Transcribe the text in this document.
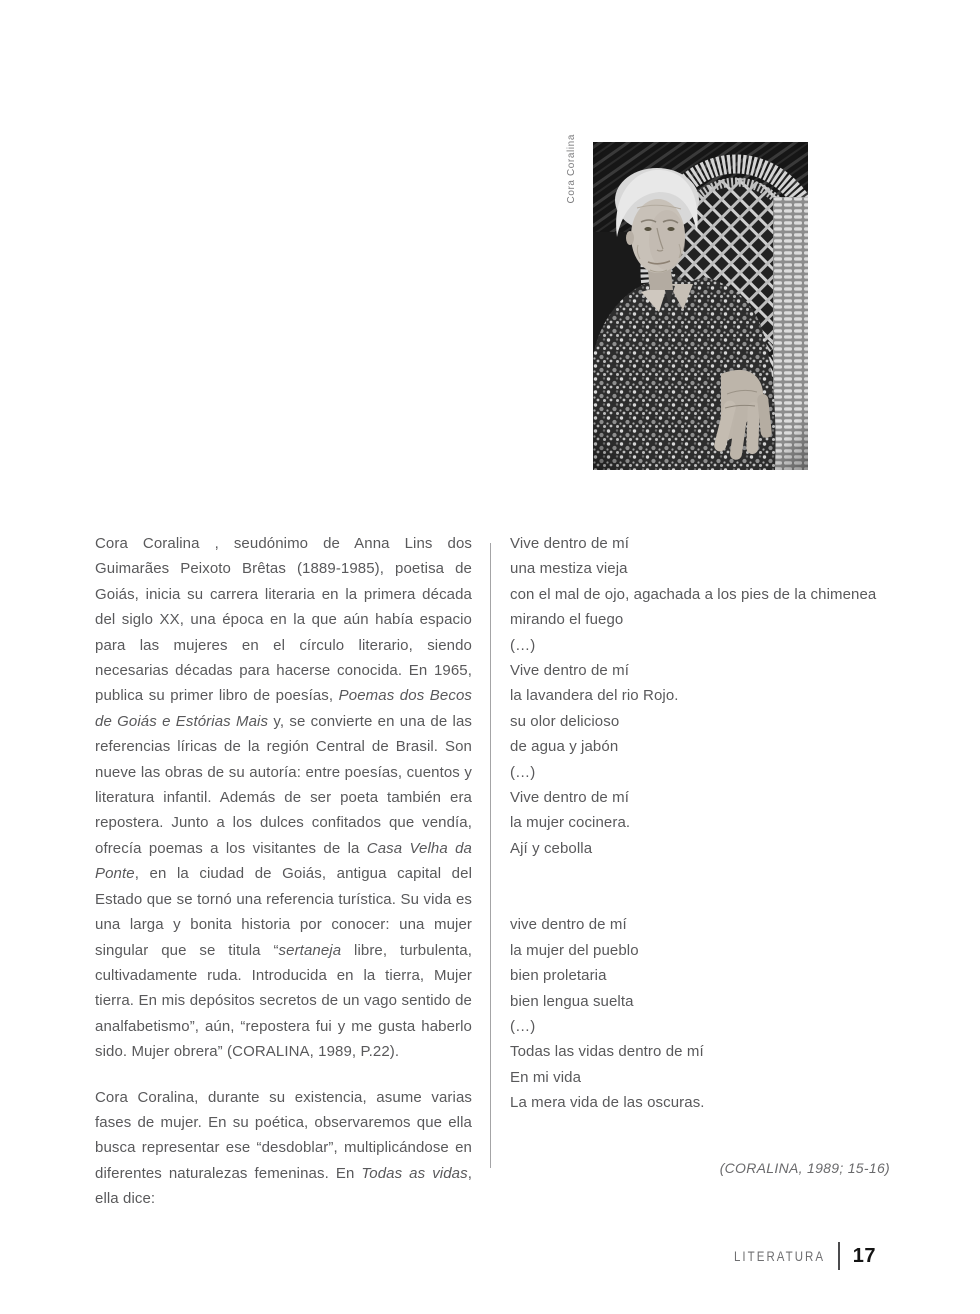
Cora Coralina

Cora Coralina , seudónimo de Anna Lins dos Guimarães Peixoto Brêtas (1889-1985), poetisa de Goiás, inicia su carrera literaria en la primera década del siglo XX, una época en la que aún había espacio para las mujeres en el círculo literario, siendo necesarias décadas para hacerse conocida. En 1965, publica su primer libro de poesías, Poemas dos Becos de Goiás e Estórias Mais y, se convierte en una de las referencias líricas de la región Central de Brasil. Son nueve las obras de su autoría: entre poesías, cuentos y literatura infantil. Además de ser poeta también era repostera. Junto a los dulces confitados que vendía, ofrecía poemas a los visitantes de la Casa Velha da Ponte, en la ciudad de Goiás, antigua capital del Estado que se tornó una referencia turística. Su vida es una larga y bonita historia por conocer: una mujer singular que se titula “sertaneja libre, turbulenta, cultivadamente ruda. Introducida en la tierra, Mujer tierra. En mis depósitos secretos de un vago sentido de analfabetismo”, aún, “repostera fui y me gusta haberlo sido. Mujer obrera” (CORALINA, 1989, P.22).

Cora Coralina, durante su existencia, asume varias fases de mujer. En su poética, observaremos que ella busca representar ese “desdoblar”, multiplicándose en diferentes naturalezas femeninas. En Todas as vidas, ella dice:

Vive dentro de mí
una mestiza vieja
con el mal de ojo, agachada a los pies de la chimenea
mirando el fuego
(…)
Vive dentro de mí
la lavandera del rio Rojo.
su olor delicioso
de agua y jabón
(…)
Vive dentro de mí
la mujer cocinera.
Ají y cebolla
vive dentro de mí
la mujer del pueblo
bien proletaria
bien lengua suelta
(…)
Todas las vidas dentro de mí
En mi vida
La mera vida de las oscuras.
(CORALINA, 1989; 15-16)
LITERATURA 17
